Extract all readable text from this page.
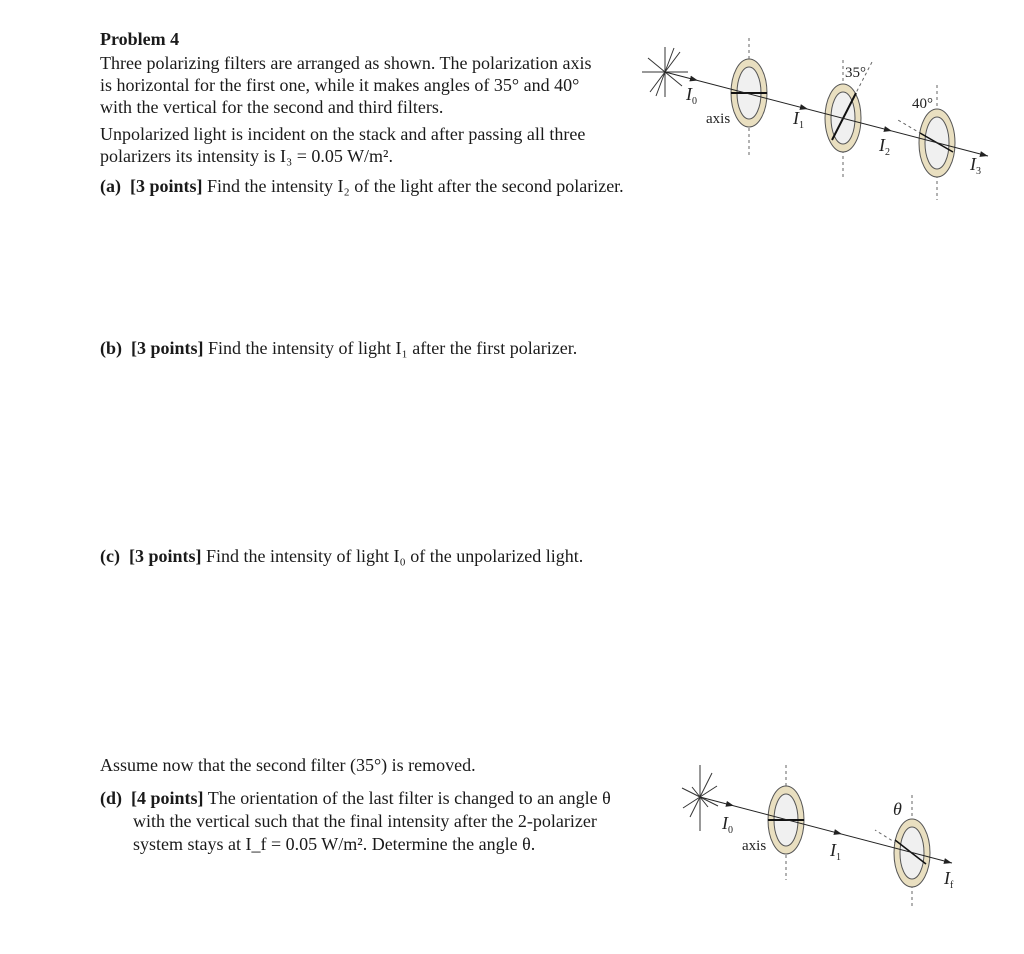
Problem 4
Three polarizing filters are arranged as shown. The polarization axis
is horizontal for the first one, while it makes angles of 35° and 40°
with the vertical for the second and third filters.
Unpolarized light is incident on the stack and after passing all three
polarizers its intensity is I₃ = 0.05 W/m².
(a) [3 points] Find the intensity I₂ of the light after the second polarizer.
(b) [3 points] Find the intensity of light I₁ after the first polarizer.
(c) [3 points] Find the intensity of light I₀ of the unpolarized light.
Assume now that the second filter (35°) is removed.
(d) [4 points] The orientation of the last filter is changed to an angle θ
with the vertical such that the final intensity after the 2-polarizer
system stays at I_f = 0.05 W/m². Determine the angle θ.
$I_0$
axis	$I_1$
$I_2$
$I_3$
35°
40°
$I_0$
axis	$I_1$
θ
$I_f$
